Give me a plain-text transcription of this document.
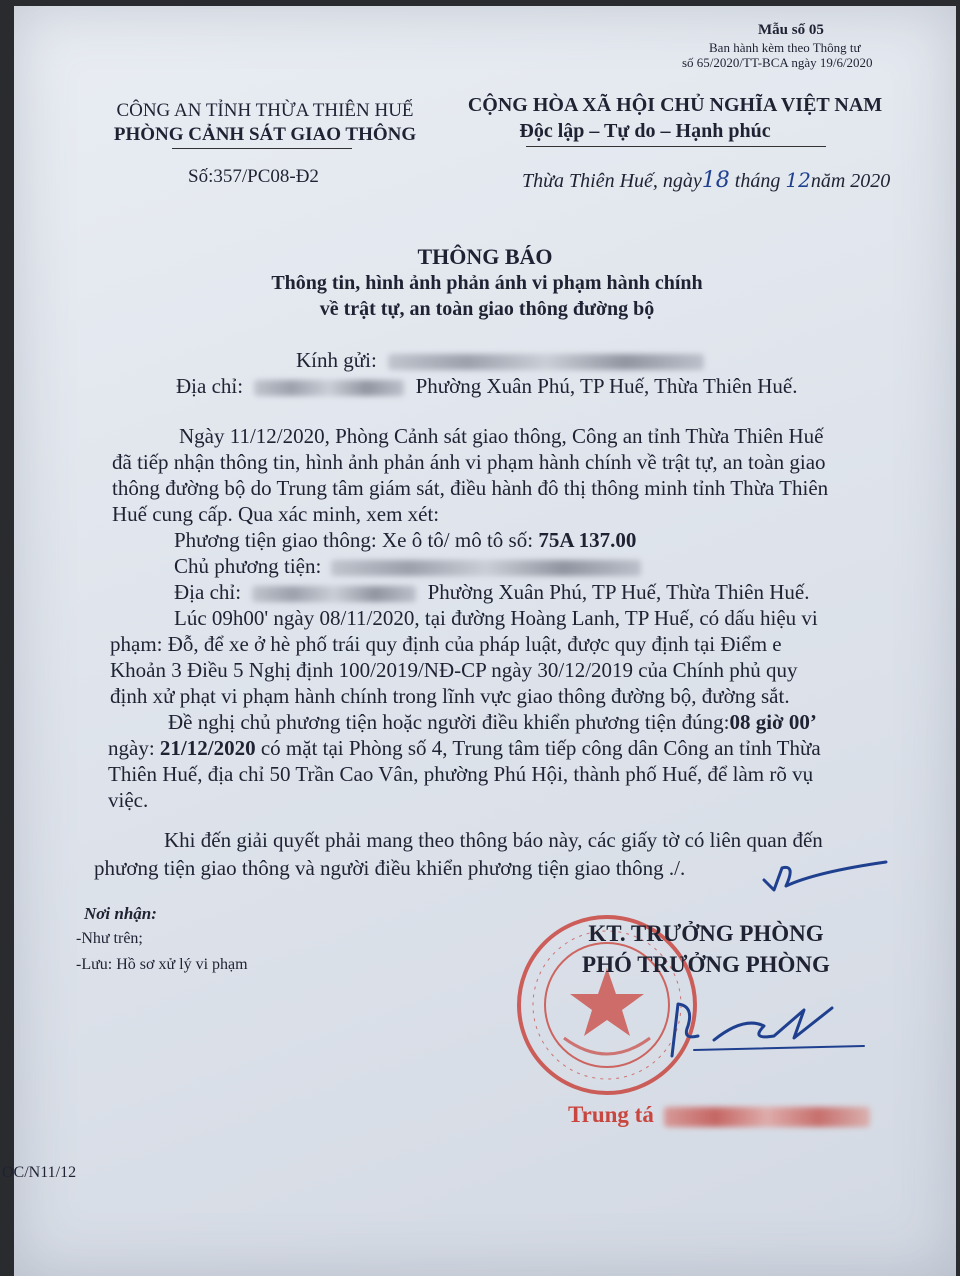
Mẫu số 05
Ban hành kèm theo Thông tư
số 65/2020/TT-BCA ngày 19/6/2020
CÔNG AN TỈNH THỪA THIÊN HUẾ
PHÒNG CẢNH SÁT GIAO THÔNG
Số:357/PC08-Đ2
CỘNG HÒA XÃ HỘI CHỦ NGHĨA VIỆT NAM
Độc lập – Tự do – Hạnh phúc
Thừa Thiên Huế, ngày18 tháng 12năm 2020
THÔNG BÁO
Thông tin, hình ảnh phản ánh vi phạm hành chính
về trật tự, an toàn giao thông đường bộ
Kính gửi:
Địa chỉ:	Phường Xuân Phú, TP Huế, Thừa Thiên Huế.
Ngày 11/12/2020, Phòng Cảnh sát giao thông, Công an tỉnh Thừa Thiên Huế
đã tiếp nhận thông tin, hình ảnh phản ánh vi phạm hành chính về trật tự, an toàn giao
thông đường bộ do Trung tâm giám sát, điều hành đô thị thông minh tỉnh Thừa Thiên
Huế cung cấp. Qua xác minh, xem xét:
Phương tiện giao thông: Xe ô tô/ mô tô số: 75A 137.00
Chủ phương tiện:
Địa chỉ:	Phường Xuân Phú, TP Huế, Thừa Thiên Huế.
Lúc 09h00' ngày 08/11/2020, tại đường Hoàng Lanh, TP Huế, có dấu hiệu vi
phạm: Đỗ, để xe ở hè phố trái quy định của pháp luật, được quy định tại Điểm e
Khoản 3 Điều 5 Nghị định 100/2019/NĐ-CP ngày 30/12/2019 của Chính phủ quy
định xử phạt vi phạm hành chính trong lĩnh vực giao thông đường bộ, đường sắt.
Đề nghị chủ phương tiện hoặc người điều khiển phương tiện đúng:08 giờ 00’
ngày: 21/12/2020 có mặt tại Phòng số 4, Trung tâm tiếp công dân Công an tỉnh Thừa
Thiên Huế, địa chỉ 50 Trần Cao Vân, phường Phú Hội, thành phố Huế, để làm rõ vụ
việc.
Khi đến giải quyết phải mang theo thông báo này, các giấy tờ có liên quan đến
phương tiện giao thông và người điều khiển phương tiện giao thông ./.
Nơi nhận:
-Như trên;
-Lưu: Hồ sơ xử lý vi phạm
KT. TRƯỞNG PHÒNG
PHÓ TRƯỞNG PHÒNG
Trung tá
OC/N11/12
